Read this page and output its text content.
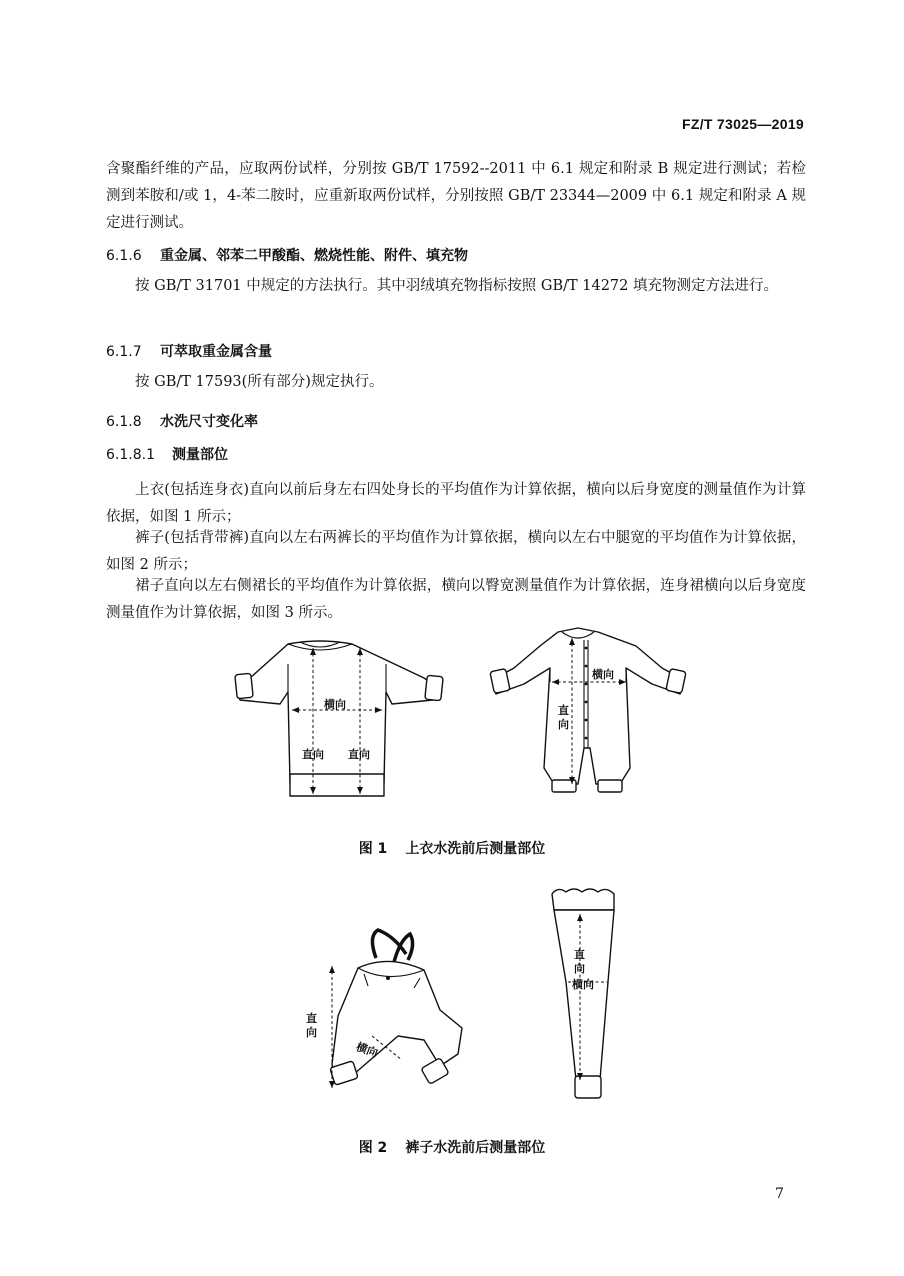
FZ/T 73025—2019
含聚酯纤维的产品，应取两份试样，分别按 GB/T 17592--2011 中 6.1 规定和附录 B 规定进行测试；若检测到苯胺和/或 1，4-苯二胺时，应重新取两份试样，分别按照 GB/T 23344—2009 中 6.1 规定和附录 A 规定进行测试。
6.1.6 重金属、邻苯二甲酸酯、燃烧性能、附件、填充物
按 GB/T 31701 中规定的方法执行。其中羽绒填充物指标按照 GB/T 14272 填充物测定方法进行。
6.1.7 可萃取重金属含量
按 GB/T 17593(所有部分)规定执行。
6.1.8 水洗尺寸变化率
6.1.8.1 测量部位
上衣(包括连身衣)直向以前后身左右四处身长的平均值作为计算依据，横向以后身宽度的测量值作为计算依据，如图 1 所示；
裤子(包括背带裤)直向以左右两裤长的平均值作为计算依据，横向以左右中腿宽的平均值作为计算依据，如图 2 所示；
裙子直向以左右侧裙长的平均值作为计算依据，横向以臀宽测量值作为计算依据，连身裙横向以后身宽度测量值作为计算依据，如图 3 所示。
横向
直向 直向
横向
直
向
图 1 上衣水洗前后测量部位
直
向
横向
直
向
横向
图 2 裤子水洗前后测量部位
7
